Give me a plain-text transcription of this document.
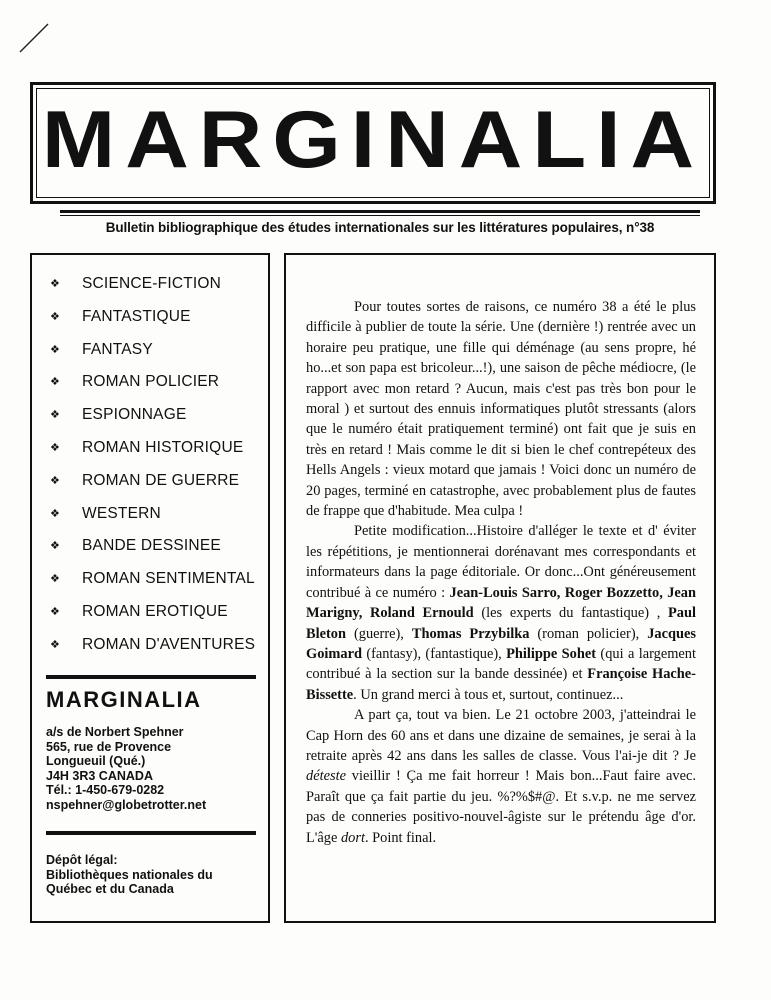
MARGINALIA
Bulletin bibliographique des études internationales sur les littératures populaires, n°38
❖	SCIENCE-FICTION
❖	FANTASTIQUE
❖	FANTASY
❖	ROMAN POLICIER
❖	ESPIONNAGE
❖	ROMAN HISTORIQUE
❖	ROMAN DE GUERRE
❖	WESTERN
❖	BANDE DESSINEE
❖	ROMAN SENTIMENTAL
❖	ROMAN EROTIQUE
❖	ROMAN D'AVENTURES
MARGINALIA
a/s de Norbert Spehner
565, rue de Provence
Longueuil (Qué.)
J4H 3R3 CANADA
Tél.: 1-450-679-0282
nspehner@globetrotter.net
Dépôt légal:
Bibliothèques nationales du
Québec et du Canada

Pour toutes sortes de raisons, ce numéro 38 a été le plus difficile à publier de toute la série. Une (dernière !) rentrée avec un horaire peu pratique, une fille qui déménage (au sens propre, hé ho...et son papa est bricoleur...!), une saison de pêche médiocre, (le rapport avec mon retard ? Aucun, mais c'est pas très bon pour le moral ) et surtout des ennuis informatiques plutôt stressants (alors que le numéro était pratiquement terminé) ont fait que je suis en très en retard ! Mais comme le dit si bien le chef contrepéteux des Hells Angels : vieux motard que jamais ! Voici donc un numéro de 20 pages, terminé en catastrophe, avec probablement plus de fautes de frappe que d'habitude. Mea culpa !

Petite modification...Histoire d'alléger le texte et d' éviter les répétitions, je mentionnerai dorénavant mes correspondants et informateurs dans la page éditoriale. Or donc...Ont généreusement contribué à ce numéro : Jean-Louis Sarro, Roger Bozzetto, Jean Marigny, Roland Ernould (les experts du fantastique) , Paul Bleton (guerre), Thomas Przybilka (roman policier), Jacques Goimard (fantasy), (fantastique), Philippe Sohet (qui a largement contribué à la section sur la bande dessinée) et Françoise Hache-Bissette. Un grand merci à tous et, surtout, continuez...

A part ça, tout va bien. Le 21 octobre 2003, j'atteindrai le Cap Horn des 60 ans et dans une dizaine de semaines, je serai à la retraite après 42 ans dans les salles de classe. Vous l'ai-je dit ? Je déteste vieillir ! Ça me fait horreur ! Mais bon...Faut faire avec. Paraît que ça fait partie du jeu. %?%$#@. Et s.v.p. ne me servez pas de conneries positivo-nouvel-âgiste sur le prétendu âge d'or. L'âge dort. Point final.
